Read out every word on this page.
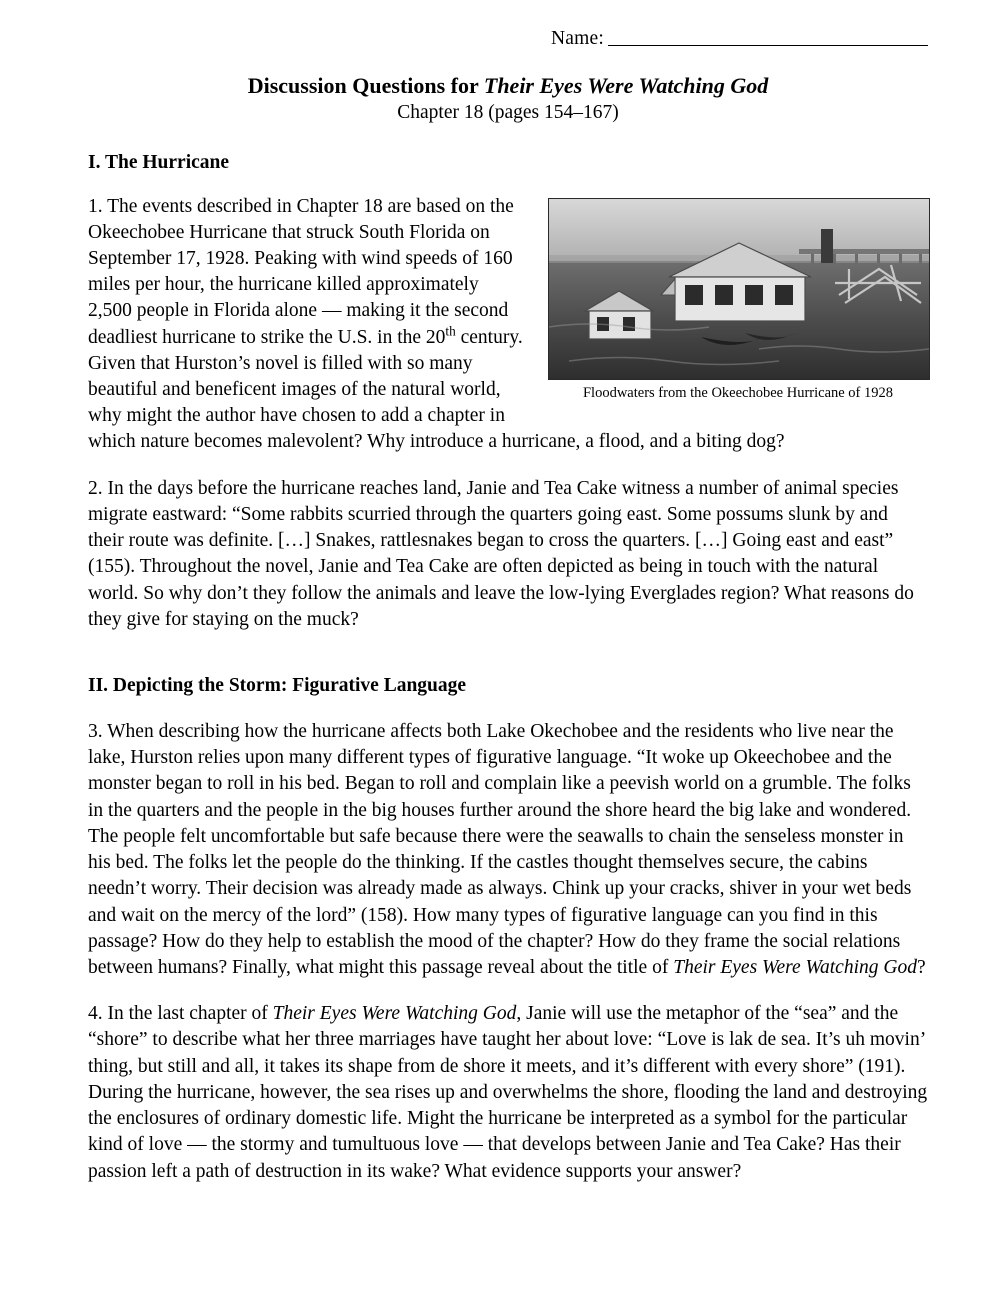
Name:
Discussion Questions for Their Eyes Were Watching God
Chapter 18 (pages 154–167)
I. The Hurricane
Floodwaters from the Okeechobee Hurricane of 1928

1. The events described in Chapter 18 are based on the Okeechobee Hurricane that struck South Florida on September 17, 1928. Peaking with wind speeds of 160 miles per hour, the hurricane killed approximately 2,500 people in Florida alone — making it the second deadliest hurricane to strike the U.S. in the 20th century. Given that Hurston’s novel is filled with so many beautiful and beneficent images of the natural world, why might the author have chosen to add a chapter in which nature becomes malevolent? Why introduce a hurricane, a flood, and a biting dog?

2. In the days before the hurricane reaches land, Janie and Tea Cake witness a number of animal species migrate eastward: “Some rabbits scurried through the quarters going east. Some possums slunk by and their route was definite. […] Snakes, rattlesnakes began to cross the quarters. […] Going east and east” (155). Throughout the novel, Janie and Tea Cake are often depicted as being in touch with the natural world. So why don’t they follow the animals and leave the low-lying Everglades region? What reasons do they give for staying on the muck?

II. Depicting the Storm: Figurative Language

3. When describing how the hurricane affects both Lake Okechobee and the residents who live near the lake, Hurston relies upon many different types of figurative language. “It woke up Okeechobee and the monster began to roll in his bed. Began to roll and complain like a peevish world on a grumble. The folks in the quarters and the people in the big houses further around the shore heard the big lake and wondered. The people felt uncomfortable but safe because there were the seawalls to chain the senseless monster in his bed. The folks let the people do the thinking. If the castles thought themselves secure, the cabins needn’t worry. Their decision was already made as always. Chink up your cracks, shiver in your wet beds and wait on the mercy of the lord” (158). How many types of figurative language can you find in this passage? How do they help to establish the mood of the chapter? How do they frame the social relations between humans? Finally, what might this passage reveal about the title of Their Eyes Were Watching God?

4. In the last chapter of Their Eyes Were Watching God, Janie will use the metaphor of the “sea” and the “shore” to describe what her three marriages have taught her about love: “Love is lak de sea. It’s uh movin’ thing, but still and all, it takes its shape from de shore it meets, and it’s different with every shore” (191). During the hurricane, however, the sea rises up and overwhelms the shore, flooding the land and destroying the enclosures of ordinary domestic life. Might the hurricane be interpreted as a symbol for the particular kind of love — the stormy and tumultuous love — that develops between Janie and Tea Cake? Has their passion left a path of destruction in its wake? What evidence supports your answer?
